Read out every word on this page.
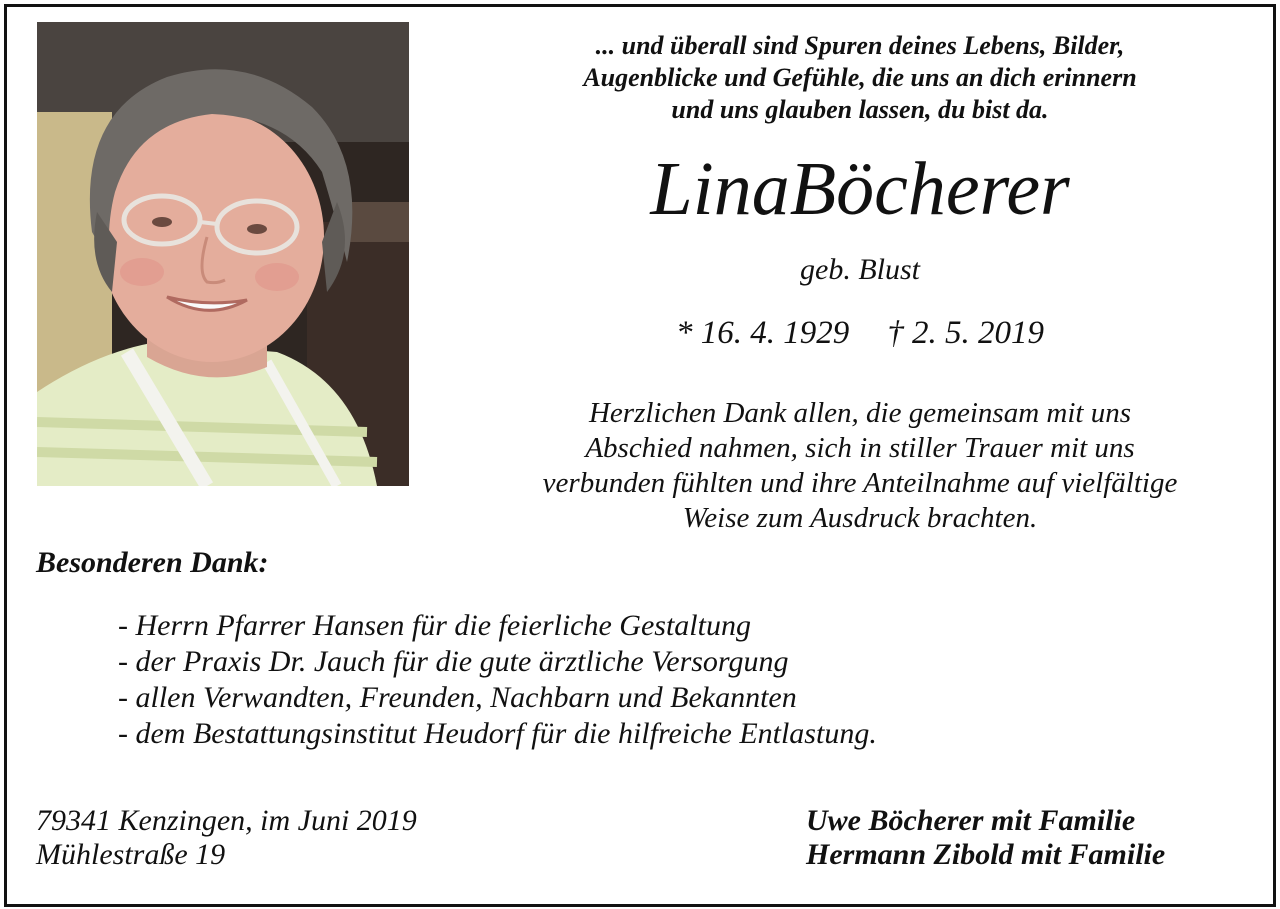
... und überall sind Spuren deines Lebens, Bilder,
Augenblicke und Gefühle, die uns an dich erinnern
und uns glauben lassen, du bist da.
LinaBöcherer
geb. Blust
* 16. 4. 1929 † 2. 5. 2019
Herzlichen Dank allen, die gemeinsam mit uns
Abschied nahmen, sich in stiller Trauer mit uns
verbunden fühlten und ihre Anteilnahme auf vielfältige
Weise zum Ausdruck brachten.
Besonderen Dank:
- Herrn Pfarrer Hansen für die feierliche Gestaltung
- der Praxis Dr. Jauch für die gute ärztliche Versorgung
- allen Verwandten, Freunden, Nachbarn und Bekannten
- dem Bestattungsinstitut Heudorf für die hilfreiche Entlastung.
79341 Kenzingen, im Juni 2019
Mühlestraße 19
Uwe Böcherer mit Familie
Hermann Zibold mit Familie
